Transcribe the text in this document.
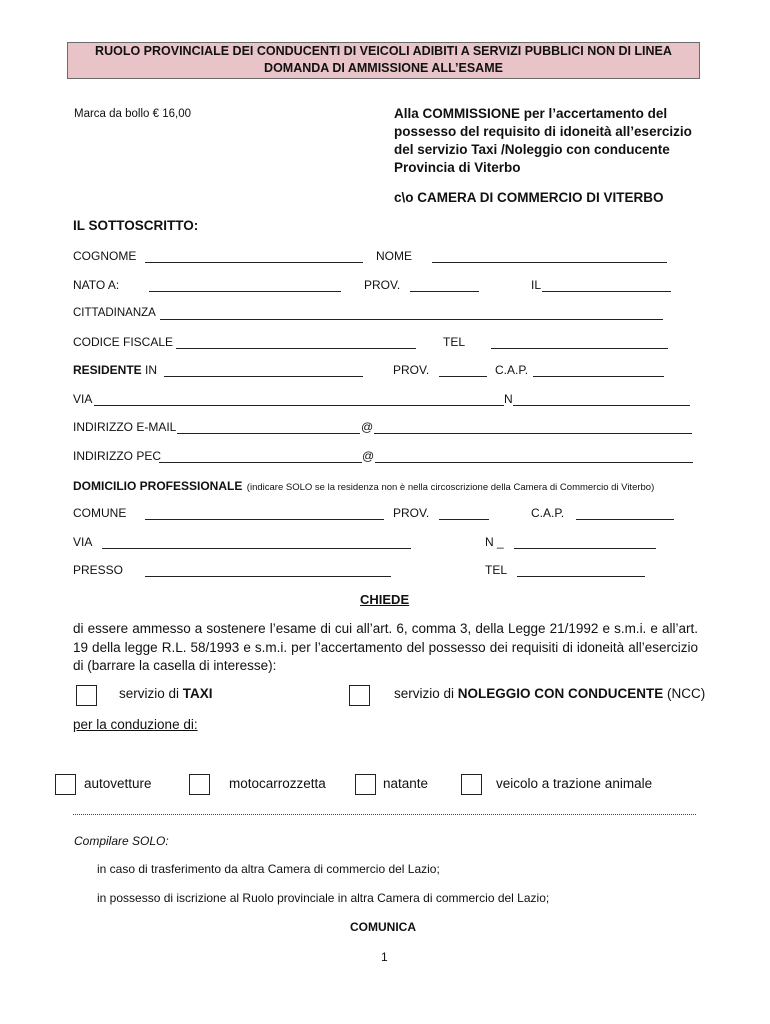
RUOLO PROVINCIALE DEI CONDUCENTI DI VEICOLI ADIBITI A SERVIZI PUBBLICI NON DI LINEA
DOMANDA DI AMMISSIONE ALL’ESAME
Marca da bollo € 16,00	Alla COMMISSIONE per l’accertamento del
possesso del requisito di idoneità all’esercizio
del servizio Taxi /Noleggio con conducente
Provincia di Viterbo
c\o CAMERA DI COMMERCIO DI VITERBO
IL SOTTOSCRITTO:
COGNOME	NOME
NATO A:	PROV.	IL
CITTADINANZA
CODICE FISCALE	TEL
RESIDENTE IN	PROV.	C.A.P.
VIA	N
INDIRIZZO E-MAIL	@
INDIRIZZO PEC	@
DOMICILIO PROFESSIONALE (indicare SOLO se la residenza non è nella circoscrizione della Camera di Commercio di Viterbo)
COMUNE	PROV.	C.A.P.
VIA	N _
PRESSO	TEL
CHIEDE
di essere ammesso a sostenere l’esame di cui all’art. 6, comma 3, della Legge 21/1992 e s.m.i. e all’art. 19 della legge R.L. 58/1993 e s.m.i. per l’accertamento del possesso dei requisiti di idoneità all’esercizio di (barrare la casella di interesse):
servizio di TAXI	servizio di NOLEGGIO CON CONDUCENTE (NCC)
per la conduzione di:
autovetture	motocarrozzetta	natante	veicolo a trazione animale
Compilare SOLO:
in caso di trasferimento da altra Camera di commercio del Lazio;
in possesso di iscrizione al Ruolo provinciale in altra Camera di commercio del Lazio;
COMUNICA
1
